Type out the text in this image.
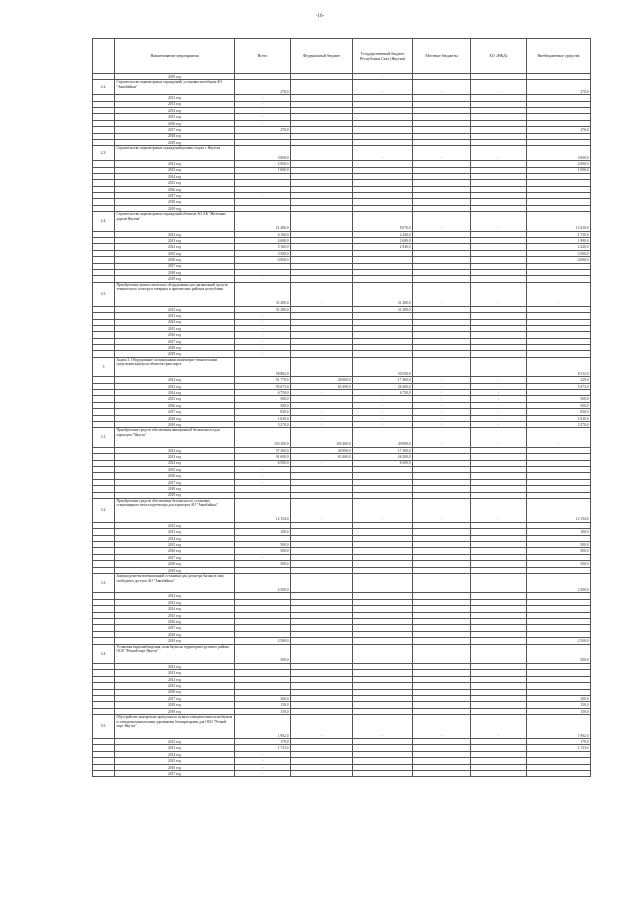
-16-
	Наименование мероприятия	Всего	Федеральный бюджет	Государственный бюджет Республики Саха (Якутия)	Местные бюджеты	АО «РЖД»	Внебюджетные средства
	2019 год			-			
2.2.	Строительство периметровых ограждений, установка шлагбаума АО "Авиабайкал"	270,0		-	-	-	270,0
	2012 год	-					
	2013 год	-					
	2014 год	-					
	2015 год	-					
	2016 год	-					
	2017 год	270,0					270,0
	2018 год						
	2019 год						
2.3.	Строительство периметровых ограждений речного порта г. Якутска	3 000,0		-	-	-	3 000,0
	2012 год	2 000,0					2 000,0
	2013 год	1 000,0					1 000,0
	2014 год						
	2015 год						
	2016 год						
	2017 год	-					
	2018 год						
	2019 год						
2.4.	Строительство периметровых ограждений объектов АО АК "Железные дороги Якутии"	21 480,0		8 070,0	-	-	13 410,0
	2012 год	4 160,0		2 440,0			1 720,0
	2013 год	4 680,0		2 690,0			1 990,0
	2014 год	5 160,0		2 940,0			2 220,0
	2015 год	3 500,0					3 500,0
	2016 год	4 000,0					4 000,0
	2017 год						
	2018 год						
	2019 год	-					
2.5.	Приобретение диагностического оборудования для организаций средств технического осмотра в северных и арктических районах республики	31 280,0	-	31 280,0	-	-	-
	2012 год	31 280,0		31 280,0			
	2013 год	-					
	2014 год	-					
	2015 год	-					
	2016 год	-					
	2017 год	-					
	2018 год	-					
	2019 год	-					
3	Задача 3. Оборудование специальными инженерно-техническими средствами контроля объектов транспорта	58 862,0		50 550,0			8 312,0
	2012 год	51 779,0	40 000,0	17 400,0	-	-	229,0
	2013 год	93 673,0	65 400,0	26 400,0	-	-	1 673,0
	2014 год	6 750,0	-	6 750,0	-	-	
	2015 год	500,0		-	-	-	500,0
	2016 год	500,0		-	-	-	500,0
	2017 год	820,0	-	-	-	-	820,0
	2018 год	1 020,0	-	-	-	-	1 020,0
	2019 год	3 270,0	-	-	-	-	3 270,0
3.1.	Приобретение средств обеспечения авиационной безопасности для аэропорта "Якутск"	155 300,0	105 400,0	49 900,0	-	-	-
	2012 год	57 200,0	40 000,0	17 200,0			
	2013 год	91 600,0	65 400,0	26 200,0			
	2014 год	6 500,0	-	6 500,0			
	2015 год	-					
	2016 год	-					
	2017 год	-					
	2018 год						
	2019 год						
3.2.	Приобретение средств обеспечения безопасности, установка стационарного металлодетектора для аэропорта АО "Авиабайкал"	12 154,0	-	-	-	-	12 154,0
	2012 год						
	2013 год	100,0					100,0
	2014 год						
	2015 год	500,0					500,0
	2016 год	500,0					500,0
	2017 год	-					
	2018 год	500,0					500,0
	2019 год						
3.3.	Закупка рентгентелевизионной установки для досмотра багажа в зону свободного доступа АО "Авиабайкал"	2 500,0					2 500,0
	2012 год						
	2013 год						
	2014 год						
	2015 год						
	2016 год						
	2017 год						
	2018 год						
	2019 год	2 500,0					2 500,0
3.4.	Установка видеонаблюдения, шлагбаума на территории грузового района ООО "Речной порт Якутск"	500,0					500,0
	2012 год						
	2013 год						
	2014 год						
	2015 год						
	2016 год						
	2017 год	200,0					200,0
	2018 год	150,0					150,0
	2019 год	150,0					150,0
3.5.	Обустройство контрольно-пропускного пункта электрическим шлагбаумом и электромеханическими дорожными блокираторами для ООО "Речной порт Якутск"	1 902,0	-	-	-	-	1 902,0
	2012 год	179,0					179,0
	2013 год	1 723,0					1 723,0
	2014 год	-					
	2015 год	-					
	2016 год	-					
	2017 год	-					
